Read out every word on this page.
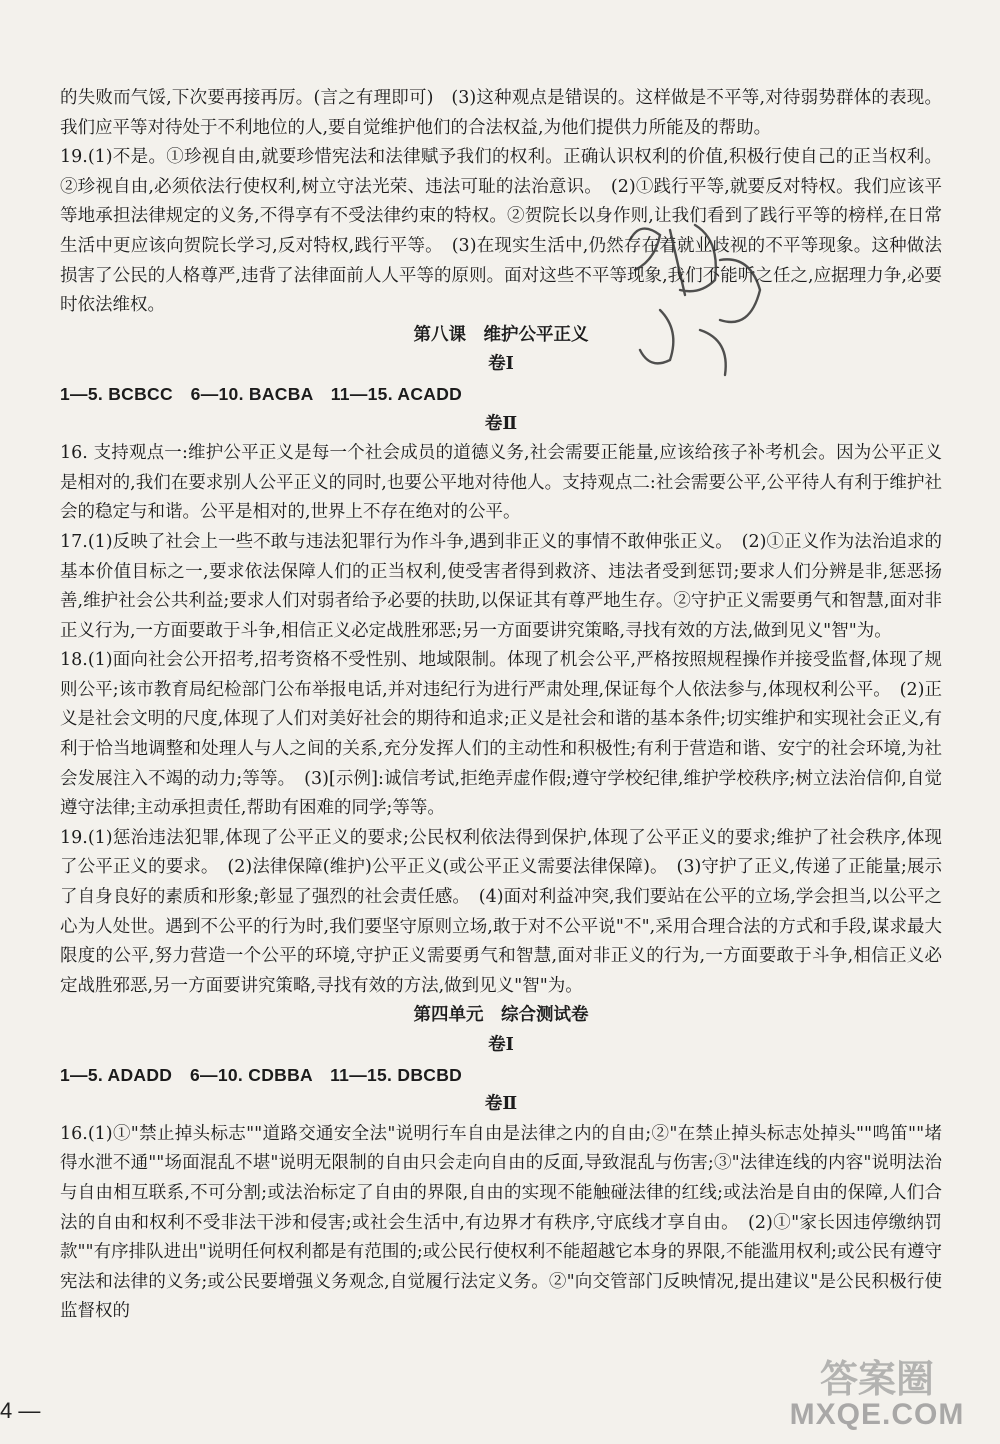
的失败而气馁,下次要再接再厉。(言之有理即可)　(3)这种观点是错误的。这样做是不平等,对待弱势群体的表现。我们应平等对待处于不利地位的人,要自觉维护他们的合法权益,为他们提供力所能及的帮助。

19.(1)不是。①珍视自由,就要珍惜宪法和法律赋予我们的权利。正确认识权利的价值,积极行使自己的正当权利。②珍视自由,必须依法行使权利,树立守法光荣、违法可耻的法治意识。　(2)①践行平等,就要反对特权。我们应该平等地承担法律规定的义务,不得享有不受法律约束的特权。②贺院长以身作则,让我们看到了践行平等的榜样,在日常生活中更应该向贺院长学习,反对特权,践行平等。　(3)在现实生活中,仍然存在着就业歧视的不平等现象。这种做法损害了公民的人格尊严,违背了法律面前人人平等的原则。面对这些不平等现象,我们不能听之任之,应据理力争,必要时依法维权。

第八课　维护公平正义

卷Ⅰ

1—5. BCBCC　6—10. BACBA　11—15. ACADD

卷Ⅱ

16. 支持观点一:维护公平正义是每一个社会成员的道德义务,社会需要正能量,应该给孩子补考机会。因为公平正义是相对的,我们在要求别人公平正义的同时,也要公平地对待他人。支持观点二:社会需要公平,公平待人有利于维护社会的稳定与和谐。公平是相对的,世界上不存在绝对的公平。

17.(1)反映了社会上一些不敢与违法犯罪行为作斗争,遇到非正义的事情不敢伸张正义。　(2)①正义作为法治追求的基本价值目标之一,要求依法保障人们的正当权利,使受害者得到救济、违法者受到惩罚;要求人们分辨是非,惩恶扬善,维护社会公共利益;要求人们对弱者给予必要的扶助,以保证其有尊严地生存。②守护正义需要勇气和智慧,面对非正义行为,一方面要敢于斗争,相信正义必定战胜邪恶;另一方面要讲究策略,寻找有效的方法,做到见义"智"为。

18.(1)面向社会公开招考,招考资格不受性别、地域限制。体现了机会公平,严格按照规程操作并接受监督,体现了规则公平;该市教育局纪检部门公布举报电话,并对违纪行为进行严肃处理,保证每个人依法参与,体现权利公平。　(2)正义是社会文明的尺度,体现了人们对美好社会的期待和追求;正义是社会和谐的基本条件;切实维护和实现社会正义,有利于恰当地调整和处理人与人之间的关系,充分发挥人们的主动性和积极性;有利于营造和谐、安宁的社会环境,为社会发展注入不竭的动力;等等。　(3)[示例]:诚信考试,拒绝弄虚作假;遵守学校纪律,维护学校秩序;树立法治信仰,自觉遵守法律;主动承担责任,帮助有困难的同学;等等。

19.(1)惩治违法犯罪,体现了公平正义的要求;公民权利依法得到保护,体现了公平正义的要求;维护了社会秩序,体现了公平正义的要求。　(2)法律保障(维护)公平正义(或公平正义需要法律保障)。　(3)守护了正义,传递了正能量;展示了自身良好的素质和形象;彰显了强烈的社会责任感。　(4)面对利益冲突,我们要站在公平的立场,学会担当,以公平之心为人处世。遇到不公平的行为时,我们要坚守原则立场,敢于对不公平说"不",采用合理合法的方式和手段,谋求最大限度的公平,努力营造一个公平的环境,守护正义需要勇气和智慧,面对非正义的行为,一方面要敢于斗争,相信正义必定战胜邪恶,另一方面要讲究策略,寻找有效的方法,做到见义"智"为。

第四单元　综合测试卷

卷Ⅰ

1—5. ADADD　6—10. CDBBA　11—15. DBCBD

卷Ⅱ

16.(1)①"禁止掉头标志""道路交通安全法"说明行车自由是法律之内的自由;②"在禁止掉头标志处掉头""鸣笛""堵得水泄不通""场面混乱不堪"说明无限制的自由只会走向自由的反面,导致混乱与伤害;③"法律连线的内容"说明法治与自由相互联系,不可分割;或法治标定了自由的界限,自由的实现不能触碰法律的红线;或法治是自由的保障,人们合法的自由和权利不受非法干涉和侵害;或社会生活中,有边界才有秩序,守底线才享自由。　(2)①"家长因违停缴纳罚款""有序排队进出"说明任何权利都是有范围的;或公民行使权利不能超越它本身的界限,不能滥用权利;或公民有遵守宪法和法律的义务;或公民要增强义务观念,自觉履行法定义务。②"向交管部门反映情况,提出建议"是公民积极行使监督权的

4 —
答案圈
MXQE.COM
